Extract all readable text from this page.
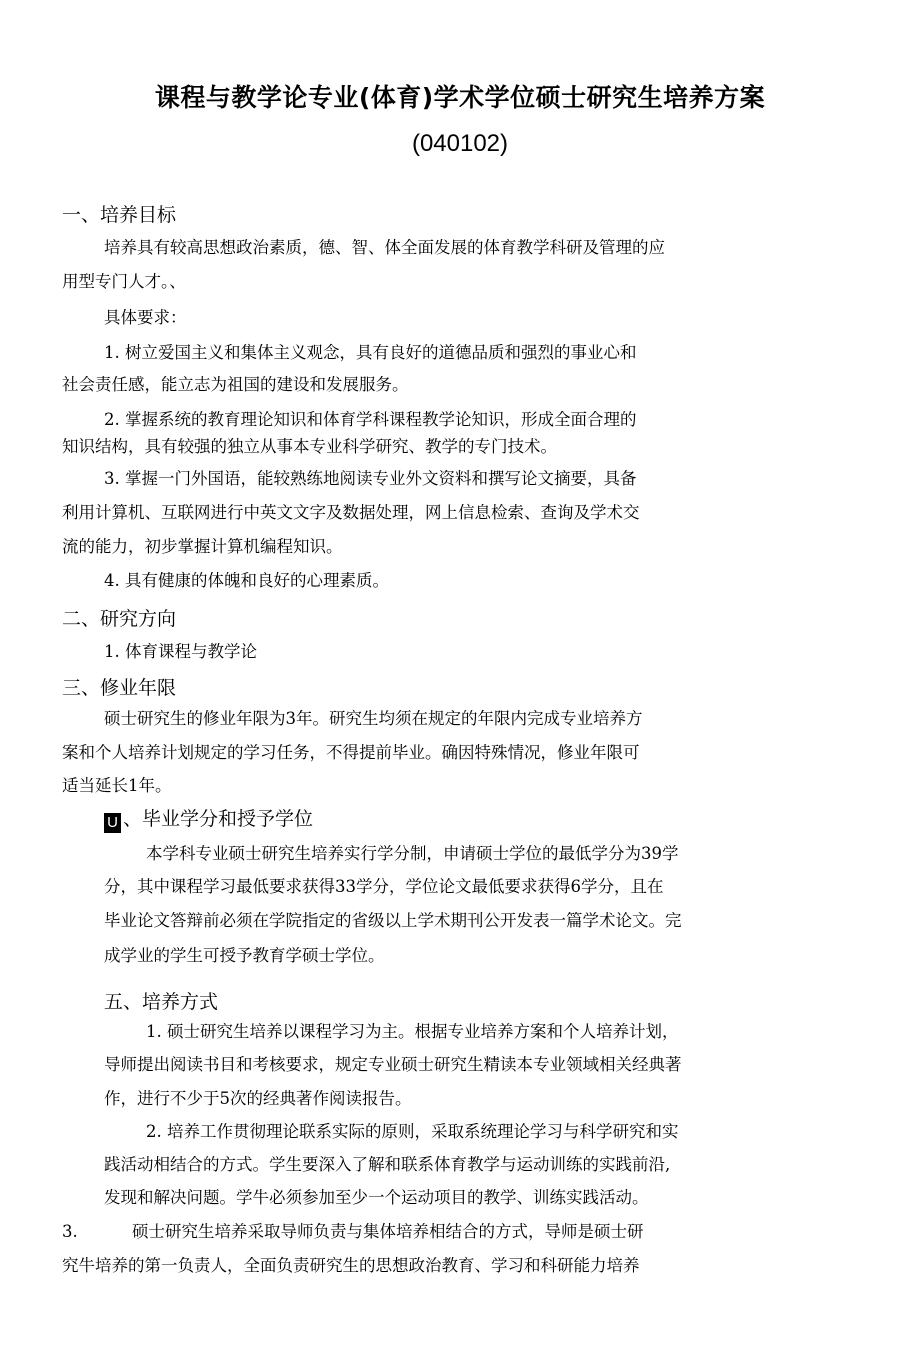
课程与教学论专业(体育)学术学位硕士研究生培养方案
(040102)
一、培养目标
培养具有较高思想政治素质，德、智、体全面发展的体育教学科研及管理的应
用型专门人才。、
具体要求：
1. 树立爱国主义和集体主义观念，具有良好的道德品质和强烈的事业心和
社会责任感，能立志为祖国的建设和发展服务。
2. 掌握系统的教育理论知识和体育学科课程教学论知识，形成全面合理的
知识结构，具有较强的独立从事本专业科学研究、教学的专门技术。
3. 掌握一门外国语，能较熟练地阅读专业外文资料和撰写论文摘要，具备
利用计算机、互联网进行中英文文字及数据处理，网上信息检索、查询及学术交
流的能力，初步掌握计算机编程知识。
4. 具有健康的体魄和良好的心理素质。
二、研究方向
1. 体育课程与教学论
三、修业年限
硕士研究生的修业年限为3年。研究生均须在规定的年限内完成专业培养方
案和个人培养计划规定的学习任务，不得提前毕业。确因特殊情况，修业年限可
适当延长1年。
U 、毕业学分和授予学位
本学科专业硕士研究生培养实行学分制，申请硕士学位的最低学分为39学
分，其中课程学习最低要求获得33学分，学位论文最低要求获得6学分，且在
毕业论文答辩前必须在学院指定的省级以上学术期刊公开发表一篇学术论文。完
成学业的学生可授予教育学硕士学位。
五、培养方式
1. 硕士研究生培养以课程学习为主。根据专业培养方案和个人培养计划，
导师提出阅读书目和考核要求，规定专业硕士研究生精读本专业领域相关经典著
作，进行不少于5次的经典著作阅读报告。
2. 培养工作贯彻理论联系实际的原则，采取系统理论学习与科学研究和实
践活动相结合的方式。学生要深入了解和联系体育教学与运动训练的实践前沿,
发现和解决问题。学牛必须参加至少一个运动项目的教学、训练实践活动。
3.	硕士研究生培养采取导师负责与集体培养相结合的方式，导师是硕士研
究牛培养的第一负责人，全面负责研究生的思想政治教育、学习和科研能力培养
